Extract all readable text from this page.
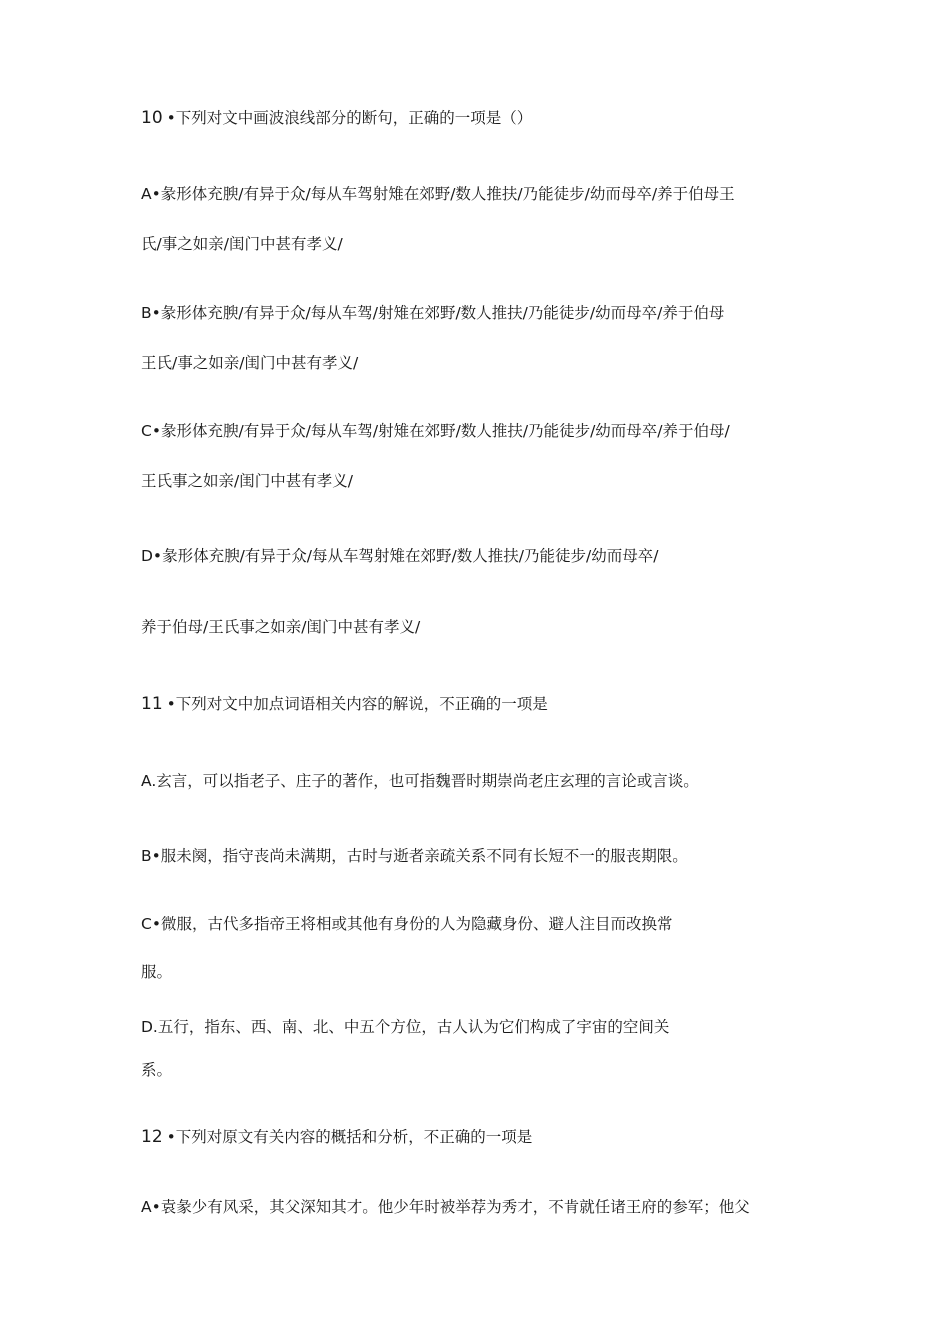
10 •下列对文中画波浪线部分的断句，正确的一项是（）
A•彖形体充腴/有异于众/每从车驾射雉在郊野/数人推扶/乃能徒步/幼而母卒/养于伯母王
氏/事之如亲/闺门中甚有孝义/
B•彖形体充腴/有异于众/每从车驾/射雉在郊野/数人推扶/乃能徒步/幼而母卒/养于伯母
王氏/事之如亲/闺门中甚有孝义/
C•彖形体充腴/有异于众/每从车驾/射雉在郊野/数人推扶/乃能徒步/幼而母卒/养于伯母/
王氏事之如亲/闺门中甚有孝义/
D•彖形体充腴/有异于众/每从车驾射雉在郊野/数人推扶/乃能徒步/幼而母卒/
养于伯母/王氏事之如亲/闺门中甚有孝义/
11 •下列对文中加点词语相关内容的解说，不正确的一项是
A.玄言，可以指老子、庄子的著作，也可指魏晋时期崇尚老庄玄理的言论或言谈。
B•服未阕，指守丧尚未满期，古时与逝者亲疏关系不同有长短不一的服丧期限。
C•微服，古代多指帝王将相或其他有身份的人为隐藏身份、避人注目而改换常
服。
D.五行，指东、西、南、北、中五个方位，古人认为它们构成了宇宙的空间关
系。
12 •下列对原文有关内容的概括和分析，不正确的一项是
A•袁彖少有风采，其父深知其才。他少年时被举荐为秀才，不肯就任诸王府的参军；他父
